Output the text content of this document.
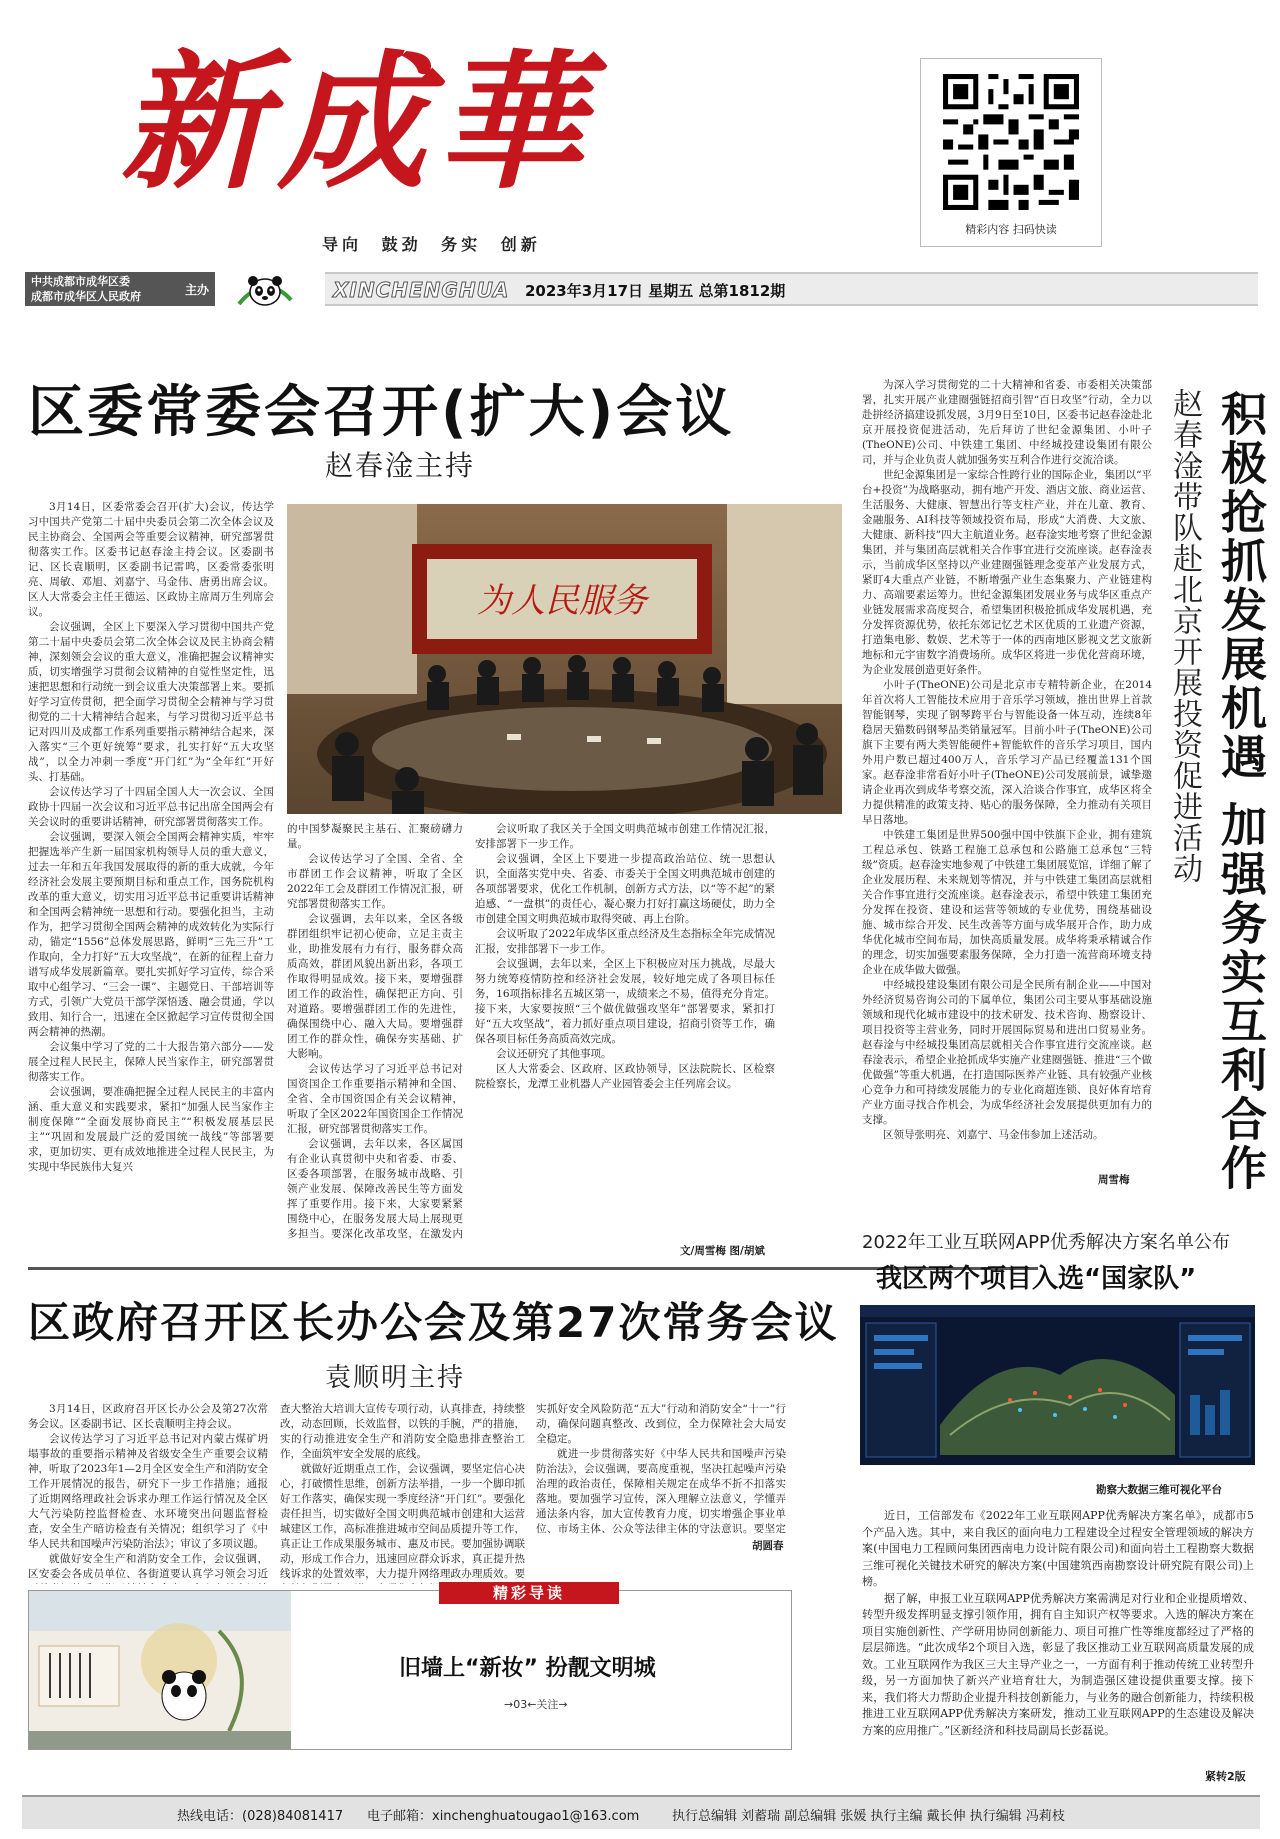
新成華
导向 鼓劲 务实 创新
精彩内容 扫码快读
中共成都市成华区委
成都市成华区人民政府	主办	XINCHENGHUA 2023年3月17日 星期五 总第1812期
区委常委会召开(扩大)会议
赵春淦主持

3月14日，区委常委会召开(扩大)会议，传达学习中国共产党第二十届中央委员会第二次全体会议及民主协商会、全国两会等重要会议精神，研究部署贯彻落实工作。区委书记赵春淦主持会议。区委副书记、区长袁顺明，区委副书记雷鸣，区委常委张明亮、周敏、邓旭、刘嘉宁、马金伟、唐勇出席会议。区人大常委会主任王德运、区政协主席周万生列席会议。

会议强调，全区上下要深入学习贯彻中国共产党第二十届中央委员会第二次全体会议及民主协商会精神，深刻领会会议的重大意义，准确把握会议精神实质，切实增强学习贯彻会议精神的自觉性坚定性，迅速把思想和行动统一到会议重大决策部署上来。要抓好学习宣传贯彻，把全面学习贯彻全会精神与学习贯彻党的二十大精神结合起来，与学习贯彻习近平总书记对四川及成都工作系列重要指示精神结合起来，深入落实“三个更好统筹”要求，扎实打好“五大攻坚战”，以全力冲刺一季度“开门红”为“全年红”开好头、打基础。

会议传达学习了十四届全国人大一次会议、全国政协十四届一次会议和习近平总书记出席全国两会有关会议时的重要讲话精神，研究部署贯彻落实工作。

会议强调，要深入领会全国两会精神实质，牢牢把握选举产生新一届国家机构领导人员的重大意义，过去一年和五年我国发展取得的新的重大成就，今年经济社会发展主要预期目标和重点工作，国务院机构改革的重大意义，切实用习近平总书记重要讲话精神和全国两会精神统一思想和行动。要强化担当，主动作为，把学习贯彻全国两会精神的成效转化为实际行动，锚定“1556”总体发展思路，鲜明“三先三升”工作取向，全力打好“五大攻坚战”，在新的征程上奋力谱写成华发展新篇章。要扎实抓好学习宣传，综合采取中心组学习、“三会一课”、主题党日、干部培训等方式，引领广大党员干部学深悟透、融会贯通，学以致用、知行合一，迅速在全区掀起学习宣传贯彻全国两会精神的热潮。

会议集中学习了党的二十大报告第六部分——发展全过程人民民主，保障人民当家作主，研究部署贯彻落实工作。

会议强调，要准确把握全过程人民民主的丰富内涵、重大意义和实践要求，紧扣“加强人民当家作主制度保障”“全面发展协商民主”“积极发展基层民主”“巩固和发展最广泛的爱国统一战线”等部署要求，更加切实、更有成效地推进全过程人民民主，为实现中华民族伟大复兴

为人民服务

的中国梦凝聚民主基石、汇聚磅礴力量。

会议传达学习了全国、全省、全市群团工作会议精神，听取了全区2022年工会及群团工作情况汇报，研究部署贯彻落实工作。

会议强调，去年以来，全区各级群团组织牢记初心使命，立足主责主业，助推发展有力有行，服务群众高质高效，群团风貌出新出彩，各项工作取得明显成效。接下来，要增强群团工作的政治性，确保把正方向、引对道路。要增强群团工作的先进性，确保围绕中心、融入大局。要增强群团工作的群众性，确保夯实基础、扩大影响。

会议传达学习了习近平总书记对国资国企工作重要指示精神和全国、全省、全市国资国企有关会议精神，听取了全区2022年国资国企工作情况汇报，研究部署贯彻落实工作。

会议强调，去年以来，各区属国有企业认真贯彻中央和省委、市委、区委各项部署，在服务城市战略、引领产业发展、保障改善民生等方面发挥了重要作用。接下来，大家要紧紧围绕中心，在服务发展大局上展现更多担当。要深化改革攻坚，在激发内

会议听取了我区关于全国文明典范城市创建工作情况汇报，安排部署下一步工作。

会议强调，全区上下要进一步提高政治站位、统一思想认识，全面落实党中央、省委、市委关于全国文明典范城市创建的各项部署要求，优化工作机制，创新方式方法，以“等不起”的紧迫感、“一盘棋”的责任心，凝心聚力打好打赢这场硬仗，助力全市创建全国文明典范城市取得突破、再上台阶。

会议听取了2022年成华区重点经济及生态指标全年完成情况汇报，安排部署下一步工作。

会议强调，去年以来，全区上下积极应对压力挑战，尽最大努力统筹疫情防控和经济社会发展，较好地完成了各项目标任务，16项指标排名五城区第一，成绩来之不易，值得充分肯定。接下来，大家要按照“三个做优做强攻坚年”部署要求，紧扣打好“五大攻坚战”，着力抓好重点项目建设，招商引资等工作，确保各项目标任务高质高效完成。

会议还研究了其他事项。

区人大常委会、区政府、区政协领导，区法院院长、区检察院检察长，龙潭工业机器人产业园管委会主任列席会议。

文/周雪梅 图/胡斌
区政府召开区长办公会及第27次常务会议
袁顺明主持

3月14日，区政府召开区长办公会及第27次常务会议。区委副书记、区长袁顺明主持会议。

会议传达学习了习近平总书记对内蒙古煤矿坍塌事故的重要指示精神及省级安全生产重要会议精神，听取了2023年1—2月全区安全生产和消防安全工作开展情况的报告，研究下一步工作措施；通报了近期网络理政社会诉求办理工作运行情况及全区大气污染防控监督检查、水环境突出问题监督检查，安全生产暗访检查有关情况；组织学习了《中华人民共和国噪声污染防治法》；审议了多项议题。

就做好安全生产和消防安全工作，会议强调，区安委会各成员单位、各街道要认真学习领会习近

查大整治大培训大宣传专项行动，认真排查，持续整改，动态回顾，长效监督，以铁的手腕，严的措施，实的行动推进安全生产和消防安全隐患排查整治工作，全面筑牢安全发展的底线。

就做好近期重点工作，会议强调，要坚定信心决心，打破惯性思维，创新方法举措，一步一个脚印抓好工作落实，确保实现一季度经济“开门红”。要强化责任担当，切实做好全国文明典范城市创建和大运营城建区工作，高标准推进城市空间品质提升等工作，真正让工作成果服务城市、惠及市民。要加强协调联动，形成工作合力，迅速回应群众诉求，真正提升热线诉求的处置效率，大力提升网络理政办理质效。要

实抓好安全风险防范“五大”行动和消防安全“十一”行动，确保问题真整改、改到位，全力保障社会大局安全稳定。

就进一步贯彻落实好《中华人民共和国噪声污染防治法》，会议强调，要高度重视，坚决扛起噪声污染治理的政治责任，保障相关规定在成华不折不扣落实落地。要加强学习宣传，深入理解立法意义，学懂弄通法条内容，加大宣传教育力度，切实增强企事业单位、市场主体、公众等法律主体的守法意识。要坚定

胡圆春
积极抢抓发展机遇 加强务实互利合作
赵春淦带队赴北京开展投资促进活动

为深入学习贯彻党的二十大精神和省委、市委相关决策部署，扎实开展产业建圈强链招商引智“百日攻坚”行动，全力以赴拼经济搞建设抓发展，3月9日至10日，区委书记赵春淦赴北京开展投资促进活动，先后拜访了世纪金源集团、小叶子(TheONE)公司、中铁建工集团、中经城投建设集团有限公司，并与企业负责人就加强务实互利合作进行交流洽谈。

世纪金源集团是一家综合性跨行业的国际企业，集团以“平台+投资”为战略驱动，拥有地产开发、酒店文旅、商业运营、生活服务、大健康、智慧出行等支柱产业，并在儿童、教育、金融服务、AI科技等领域投资布局，形成“大消费、大文旅、大健康、新科技”四大主航道业务。赵春淦实地考察了世纪金源集团，并与集团高层就相关合作事宜进行交流座谈。赵春淦表示，当前成华区坚持以产业建圈强链理念变革产业发展方式，紧盯4大重点产业链，不断增强产业生态集聚力、产业链建构力、高端要素运筹力。世纪金源集团发展业务与成华区重点产业链发展需求高度契合，希望集团积极抢抓成华发展机遇，充分发挥资源优势，依托东郊记忆艺术区优质的工业遗产资源，打造集电影、数娱、艺术等于一体的西南地区影视文艺文旅新地标和元宇宙数字消费场所。成华区将进一步优化营商环境，为企业发展创造更好条件。

小叶子(TheONE)公司是北京市专精特新企业，在2014年首次将人工智能技术应用于音乐学习领域，推出世界上首款智能钢琴，实现了钢琴跨平台与智能设备一体互动，连续8年稳居天猫数码钢琴品类销量冠军。目前小叶子(TheONE)公司旗下主要有两大类智能硬件+智能软件的音乐学习项目，国内外用户数已超过400万人，音乐学习产品已经覆盖131个国家。赵春淦非常看好小叶子(TheONE)公司发展前景，诚挚邀请企业再次到成华考察交流，深入洽谈合作事宜，成华区将全力提供精准的政策支持、贴心的服务保障，全力推动有关项目早日落地。

中铁建工集团是世界500强中国中铁旗下企业，拥有建筑工程总承包、铁路工程施工总承包和公路施工总承包“三特级”资质。赵春淦实地参观了中铁建工集团展览馆，详细了解了企业发展历程、未来规划等情况，并与中铁建工集团高层就相关合作事宜进行交流座谈。赵春淦表示，希望中铁建工集团充分发挥在投资、建设和运营等领域的专业优势，围绕基础设施、城市综合开发、民生改善等方面与成华展开合作，助力成华优化城市空间布局，加快高质量发展。成华将秉承精诚合作的理念，切实加强要素服务保障，全力打造一流营商环境支持企业在成华做大做强。

中经城投建设集团有限公司是全民所有制企业——中国对外经济贸易咨询公司的下属单位，集团公司主要从事基础设施领域和现代化城市建设中的技术研发、技术咨询、勘察设计、项目投资等主营业务，同时开展国际贸易和进出口贸易业务。赵春淦与中经城投集团高层就相关合作事宜进行交流座谈。赵春淦表示，希望企业抢抓成华实施产业建圈强链、推进“三个做优做强”等重大机遇，在打造国际医养产业链、具有较强产业核心竞争力和可持续发展能力的专业化商超连锁、良好体育培育产业方面寻找合作机会，为成华经济社会发展提供更加有力的支撑。

区领导张明亮、刘嘉宁、马金伟参加上述活动。

周雪梅
2022年工业互联网APP优秀解决方案名单公布
我区两个项目入选“国家队”
勘察大数据三维可视化平台

近日，工信部发布《2022年工业互联网APP优秀解决方案名单》，成都市5个产品入选。其中，来自我区的面向电力工程建设全过程安全管理领域的解决方案(中国电力工程顾问集团西南电力设计院有限公司)和面向岩土工程勘察大数据三维可视化关键技术研究的解决方案(中国建筑西南勘察设计研究院有限公司)上榜。

据了解，申报工业互联网APP优秀解决方案需满足对行业和企业提质增效、转型升级发挥明显支撑引领作用，拥有自主知识产权等要求。入选的解决方案在项目实施创新性、产学研用协同创新能力、项目可推广性等维度都经过了严格的层层筛选。“此次成华2个项目入选，彰显了我区推动工业互联网高质量发展的成效。工业互联网作为我区三大主导产业之一，一方面有利于推动传统工业转型升级，另一方面加快了新兴产业培育壮大，为制造强区建设提供重要支撑。接下来，我们将大力帮助企业提升科技创新能力，与业务的融合创新能力，持续积极推进工业互联网APP优秀解决方案研发，推动工业互联网APP的生态建设及解决方案的应用推广。”区新经济和科技局副局长彭磊说。

紧转2版
精彩导读
旧墙上“新妆” 扮靓文明城
→03←关注→
热线电话：(028)84081417 电子邮箱：xinchenghuatougao1@163.com	执行总编辑 刘蓄瑞 副总编辑 张媛 执行主编 戴长伸 执行编辑 冯莉枝
